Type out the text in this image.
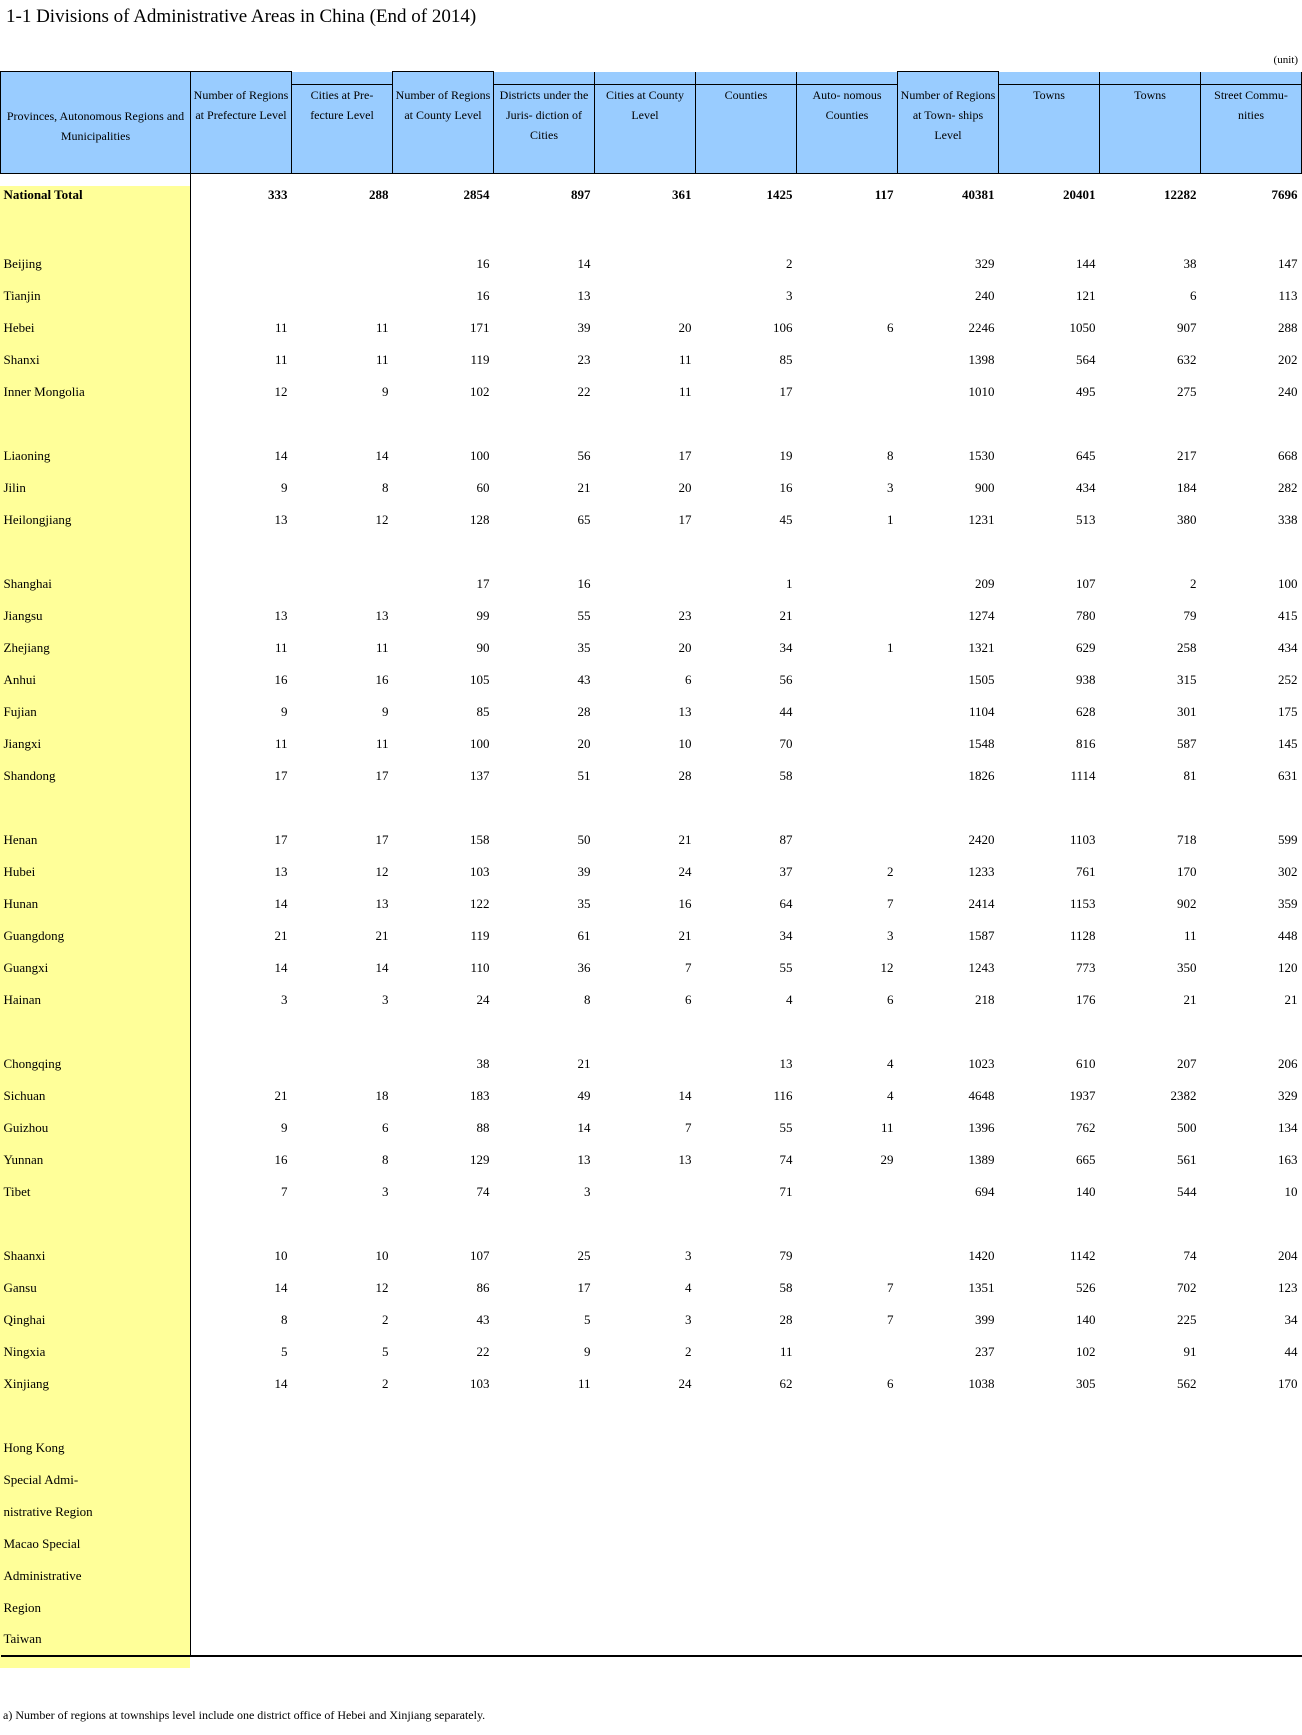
1-1 Divisions of Administrative Areas in China (End of 2014)
(unit)
Provinces, Autonomous Regions and Municipalities	Number of Regions at Prefecture Level	Cities at Pre- fecture Level	Number of Regions at County Level	Districts under the Juris- diction of Cities	Cities at County Level	Counties	Auto- nomous Counties	Number of Regions at Town- ships Level	Towns	Towns	Street Commu- nities
National Total	333	288	2854	897	361	1425	117	40381	20401	12282	7696

Beijing			16	14		2		329	144	38	147
Tianjin			16	13		3		240	121	6	113
Hebei	11	11	171	39	20	106	6	2246	1050	907	288
Shanxi	11	11	119	23	11	85		1398	564	632	202
Inner Mongolia	12	9	102	22	11	17		1010	495	275	240

Liaoning	14	14	100	56	17	19	8	1530	645	217	668
Jilin	9	8	60	21	20	16	3	900	434	184	282
Heilongjiang	13	12	128	65	17	45	1	1231	513	380	338

Shanghai			17	16		1		209	107	2	100
Jiangsu	13	13	99	55	23	21		1274	780	79	415
Zhejiang	11	11	90	35	20	34	1	1321	629	258	434
Anhui	16	16	105	43	6	56		1505	938	315	252
Fujian	9	9	85	28	13	44		1104	628	301	175
Jiangxi	11	11	100	20	10	70		1548	816	587	145
Shandong	17	17	137	51	28	58		1826	1114	81	631

Henan	17	17	158	50	21	87		2420	1103	718	599
Hubei	13	12	103	39	24	37	2	1233	761	170	302
Hunan	14	13	122	35	16	64	7	2414	1153	902	359
Guangdong	21	21	119	61	21	34	3	1587	1128	11	448
Guangxi	14	14	110	36	7	55	12	1243	773	350	120
Hainan	3	3	24	8	6	4	6	218	176	21	21

Chongqing			38	21		13	4	1023	610	207	206
Sichuan	21	18	183	49	14	116	4	4648	1937	2382	329
Guizhou	9	6	88	14	7	55	11	1396	762	500	134
Yunnan	16	8	129	13	13	74	29	1389	665	561	163
Tibet	7	3	74	3		71		694	140	544	10

Shaanxi	10	10	107	25	3	79		1420	1142	74	204
Gansu	14	12	86	17	4	58	7	1351	526	702	123
Qinghai	8	2	43	5	3	28	7	399	140	225	34
Ningxia	5	5	22	9	2	11		237	102	91	44
Xinjiang	14	2	103	11	24	62	6	1038	305	562	170

Hong Kong											
Special Admi-											
nistrative Region											
Macao Special											
Administrative											
Region											
Taiwan											
a) Number of regions at townships level include one district office of Hebei and Xinjiang separately.
